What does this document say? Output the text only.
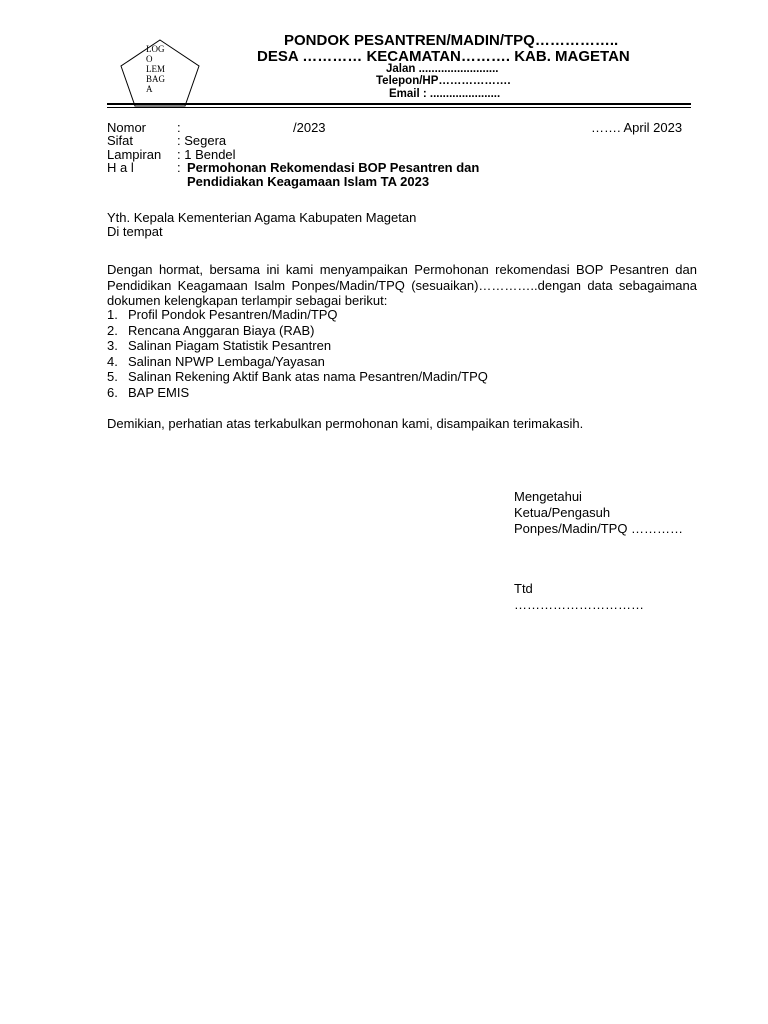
LOG
O
LEM
BAG
A
PONDOK PESANTREN/MADIN/TPQ……………..
DESA ………… KECAMATAN………. KAB. MAGETAN
Jalan .........................
Telepon/HP……………….
Email : ......................
Nomor :	/2023	……. April 2023
Sifat	: Segera
Lampiran : 1 Bendel
H a l	: Permohonan Rekomendasi BOP Pesantren dan
Pendidiakan Keagamaan Islam TA 2023
Yth. Kepala Kementerian Agama Kabupaten Magetan
Di tempat
Dengan hormat, bersama ini kami menyampaikan Permohonan rekomendasi BOP Pesantren dan Pendidikan Keagamaan Isalm Ponpes/Madin/TPQ (sesuaikan)…………..dengan data sebagaimana dokumen kelengkapan terlampir sebagai berikut:
1. Profil Pondok Pesantren/Madin/TPQ
2. Rencana Anggaran Biaya (RAB)
3. Salinan Piagam Statistik Pesantren
4. Salinan NPWP Lembaga/Yayasan
5. Salinan Rekening Aktif Bank atas nama Pesantren/Madin/TPQ
6. BAP EMIS
Demikian, perhatian atas terkabulkan permohonan kami, disampaikan terimakasih.
Mengetahui
Ketua/Pengasuh
Ponpes/Madin/TPQ …………
Ttd
…………………………
